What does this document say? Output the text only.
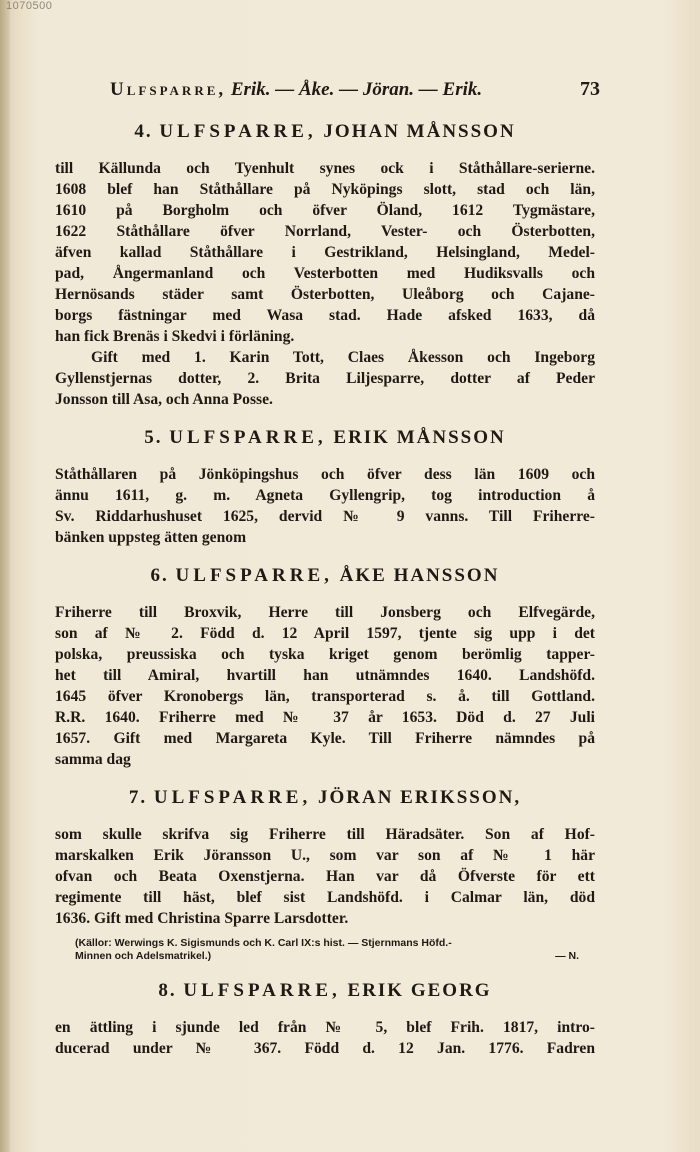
1070500
Ulfsparre, Erik. — Åke. — Jöran. — Erik.	73
4. ULFSPARRE, JOHAN MÅNSSON

till Källunda och Tyenhult synes ock i Ståthållare-serierne.

1608 blef han Ståthållare på Nyköpings slott, stad och län,

1610 på Borgholm och öfver Öland, 1612 Tygmästare,

1622 Ståthållare öfver Norrland, Vester- och Österbotten,

äfven kallad Ståthållare i Gestrikland, Helsingland, Medel-

pad, Ångermanland och Vesterbotten med Hudiksvalls och

Hernösands städer samt Österbotten, Uleåborg och Cajane-

borgs fästningar med Wasa stad. Hade afsked 1633, då

han fick Brenäs i Skedvi i förläning.

Gift med 1. Karin Tott, Claes Åkesson och Ingeborg

Gyllenstjernas dotter, 2. Brita Liljesparre, dotter af Peder

Jonsson till Asa, och Anna Posse.

5. ULFSPARRE, ERIK MÅNSSON

Ståthållaren på Jönköpingshus och öfver dess län 1609 och

ännu 1611, g. m. Agneta Gyllengrip, tog introduction å

Sv. Riddarhushuset 1625, dervid № 9 vanns. Till Friherre-

bänken uppsteg ätten genom

6. ULFSPARRE, ÅKE HANSSON

Friherre till Broxvik, Herre till Jonsberg och Elfvegärde,

son af № 2. Född d. 12 April 1597, tjente sig upp i det

polska, preussiska och tyska kriget genom berömlig tapper-

het till Amiral, hvartill han utnämndes 1640. Landshöfd.

1645 öfver Kronobergs län, transporterad s. å. till Gottland.

R.R. 1640. Friherre med № 37 år 1653. Död d. 27 Juli

1657. Gift med Margareta Kyle. Till Friherre nämndes på

samma dag

7. ULFSPARRE, JÖRAN ERIKSSON,

som skulle skrifva sig Friherre till Häradsäter. Son af Hof-

marskalken Erik Jöransson U., som var son af № 1 här

ofvan och Beata Oxenstjerna. Han var då Öfverste för ett

regimente till häst, blef sist Landshöfd. i Calmar län, död

1636. Gift med Christina Sparre Larsdotter.

(Källor: Werwings K. Sigismunds och K. Carl IX:s hist. — Stjernmans Höfd.-
Minnen och Adelsmatrikel.)	— N.
8. ULFSPARRE, ERIK GEORG

en ättling i sjunde led från № 5, blef Frih. 1817, intro-

ducerad under № 367. Född d. 12 Jan. 1776. Fadren
